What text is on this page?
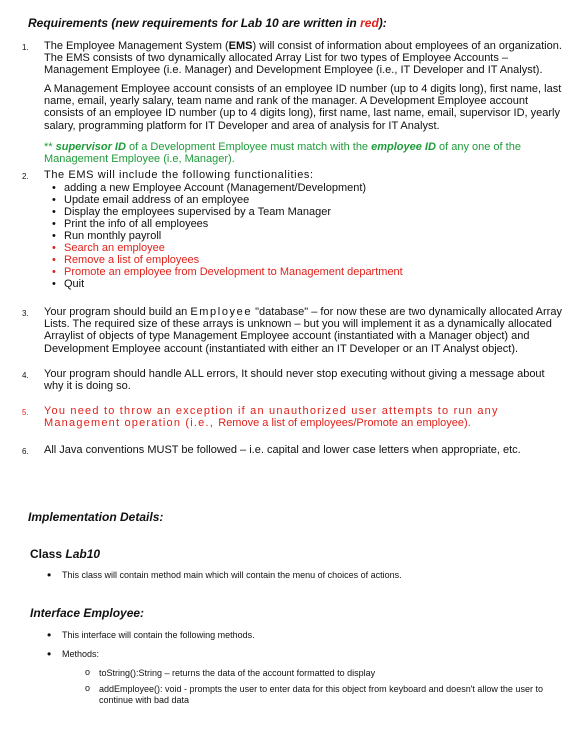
Requirements (new requirements for Lab 10 are written in red):
1. The Employee Management System (EMS) will consist of information about employees of an organization. The EMS consists of two dynamically allocated Array List for two types of Employee Accounts – Management Employee (i.e. Manager) and Development Employee (i.e., IT Developer and IT Analyst).
A Management Employee account consists of an employee ID number (up to 4 digits long), first name, last name, email, yearly salary, team name and rank of the manager. A Development Employee account consists of an employee ID number (up to 4 digits long), first name, last name, email, supervisor ID, yearly salary, programming platform for IT Developer and area of analysis for IT Analyst.
** supervisor ID of a Development Employee must match with the employee ID of any one of the Management Employee (i.e, Manager).
2. The EMS will include the following functionalities:
• adding a new Employee Account (Management/Development)
• Update email address of an employee
• Display the employees supervised by a Team Manager
• Print the info of all employees
• Run monthly payroll
• Search an employee
• Remove a list of employees
• Promote an employee from Development to Management department
• Quit
3. Your program should build an Employee "database" – for now these are two dynamically allocated Array Lists. The required size of these arrays is unknown – but you will implement it as a dynamically allocated Arraylist of objects of type Management Employee account (instantiated with a Manager object) and Development Employee account (instantiated with either an IT Developer or an IT Analyst object).
4. Your program should handle ALL errors, It should never stop executing without giving a message about why it is doing so.
5. You need to throw an exception if an unauthorized user attempts to run any Management operation (i.e., Remove a list of employees/Promote an employee).
6. All Java conventions MUST be followed – i.e. capital and lower case letters when appropriate, etc.
Implementation Details:
Class Lab10
• This class will contain method main which will contain the menu of choices of actions.
Interface Employee:
• This interface will contain the following methods.
• Methods:
o toString():String – returns the data of the account formatted to display
o addEmployee(): void - prompts the user to enter data for this object from keyboard and doesn't allow the user to continue with bad data
